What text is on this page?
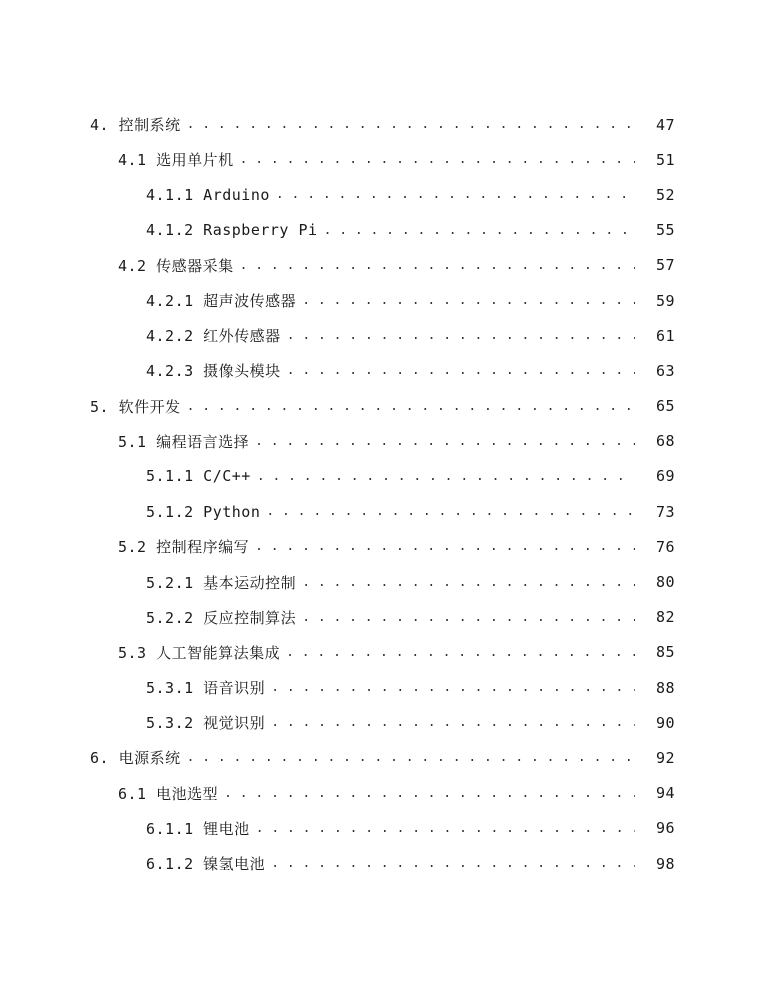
4. 控制系统 . . .	47
4.1 选用单片机 . . .	51
4.1.1 Arduino . . .	52
4.1.2 Raspberry Pi . . .	55
4.2 传感器采集 . . .	57
4.2.1 超声波传感器 . . .	59
4.2.2 红外传感器 . . .	61
4.2.3 摄像头模块 . . .	63
5. 软件开发 . . .	65
5.1 编程语言选择 . . .	68
5.1.1 C/C++ . . .	69
5.1.2 Python . . .	73
5.2 控制程序编写 . . .	76
5.2.1 基本运动控制 . . .	80
5.2.2 反应控制算法 . . .	82
5.3 人工智能算法集成 . . .	85
5.3.1 语音识别 . . .	88
5.3.2 视觉识别 . . .	90
6. 电源系统 . . .	92
6.1 电池选型 . . .	94
6.1.1 锂电池 . . .	96
6.1.2 镍氢电池 . . .	98
